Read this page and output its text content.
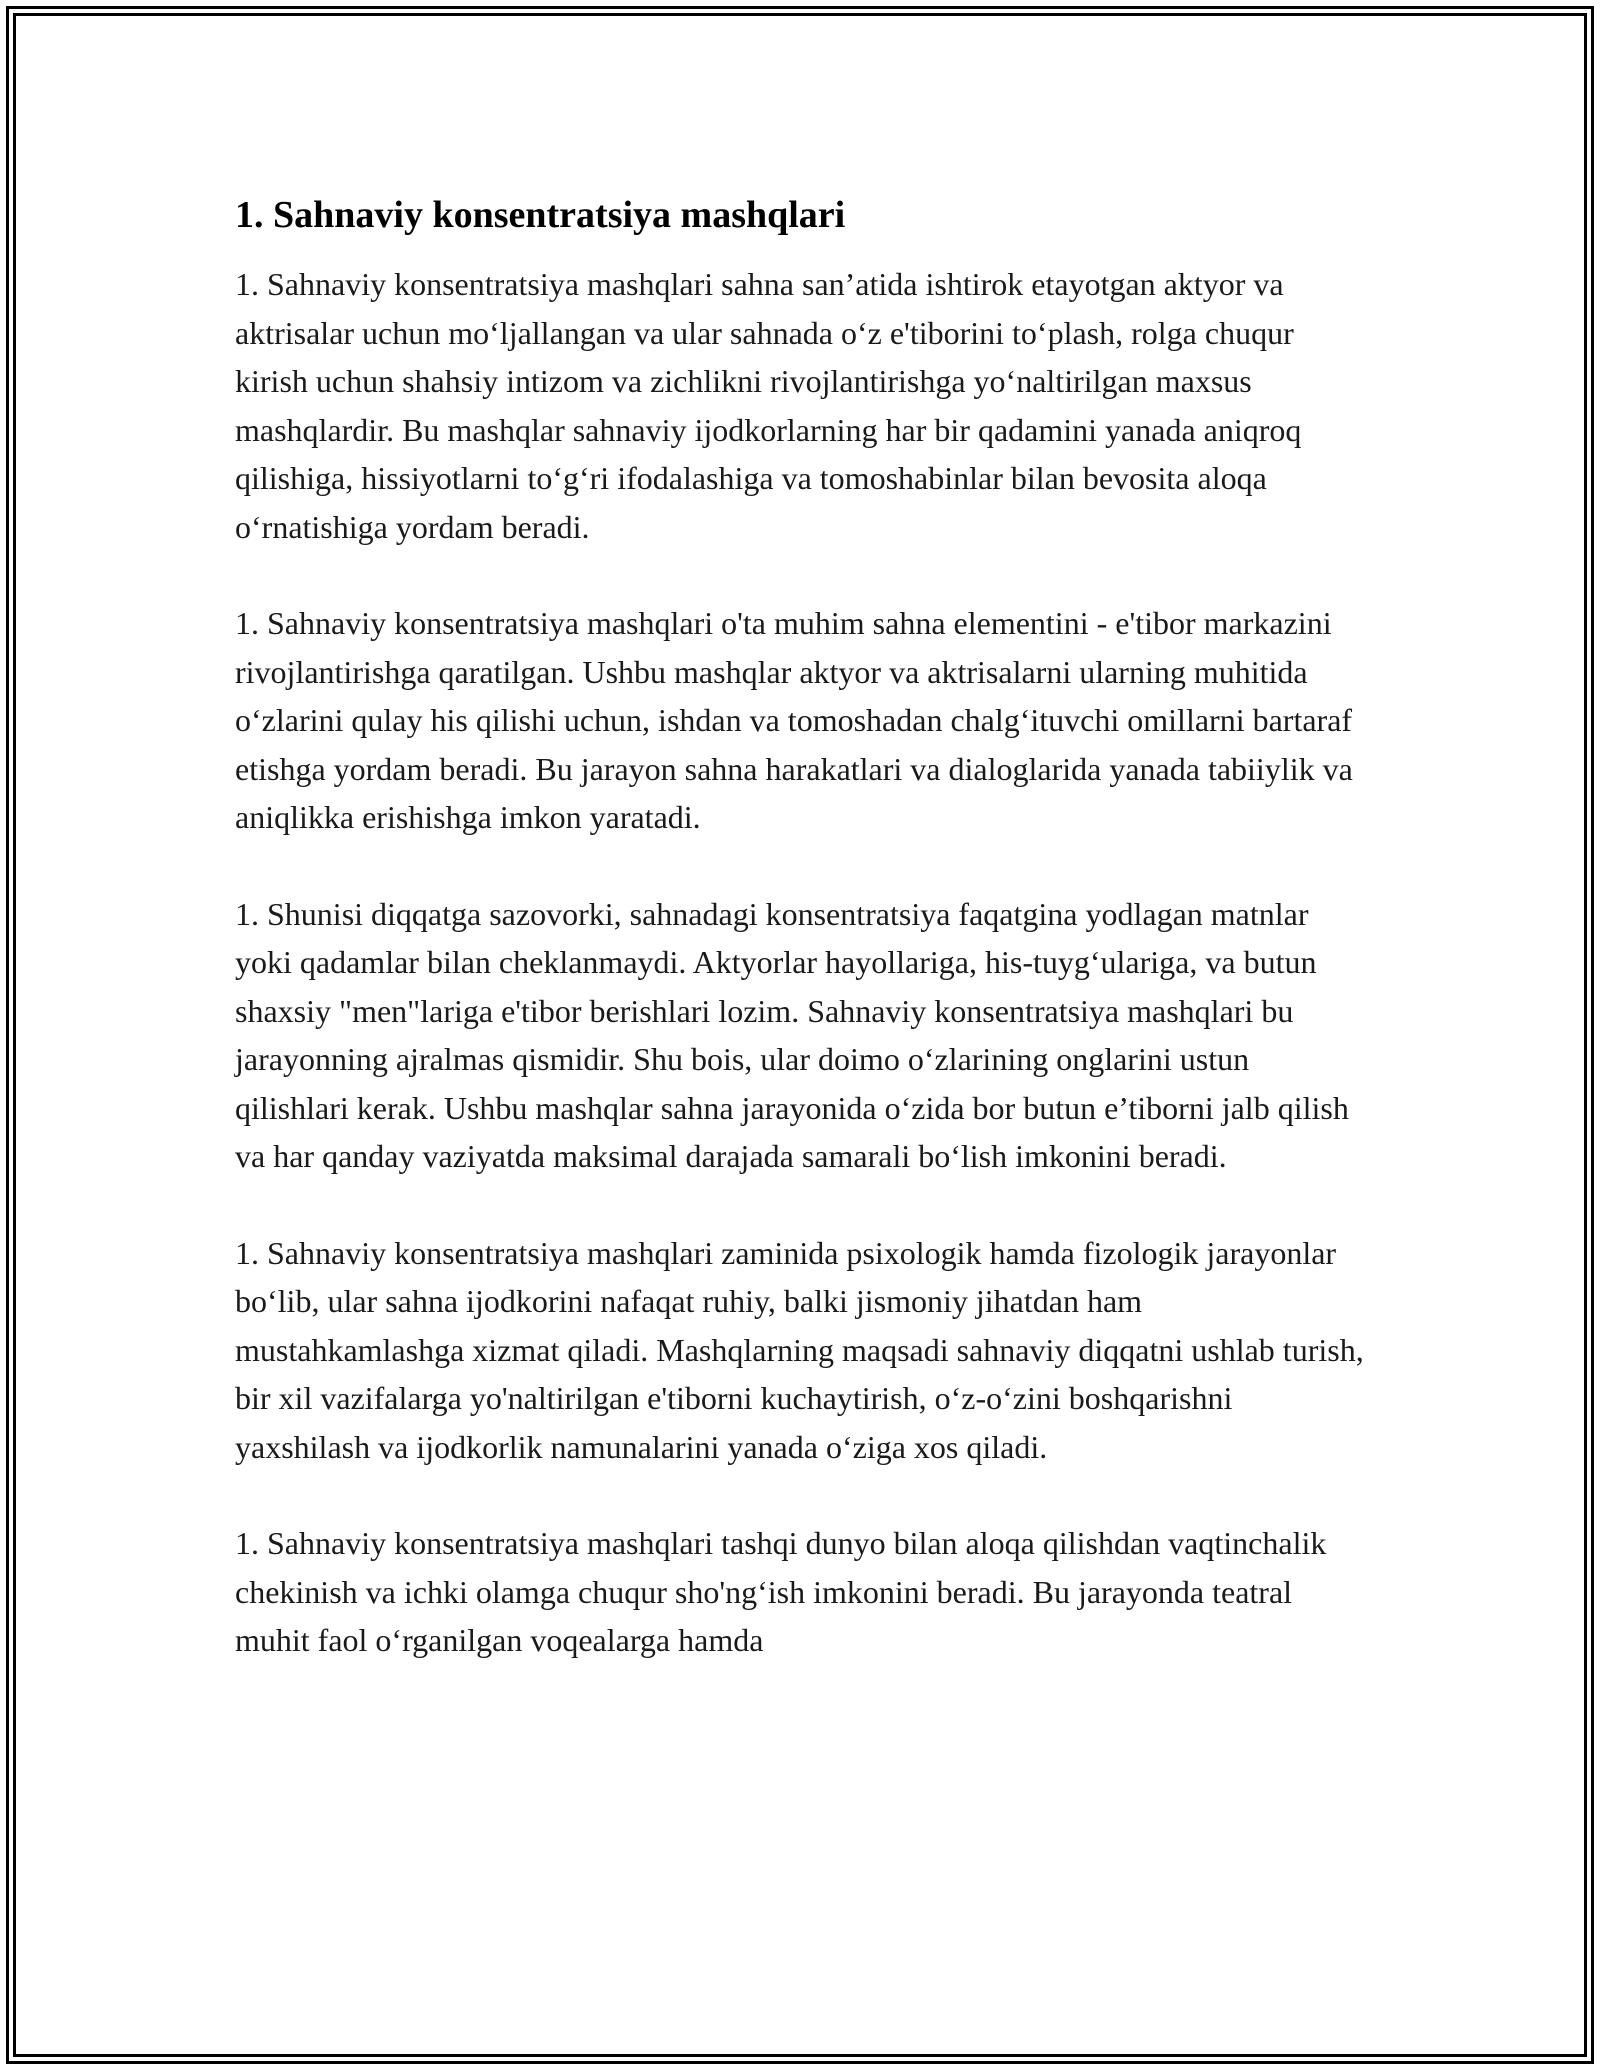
1. Sahnaviy konsentratsiya mashqlari

1. Sahnaviy konsentratsiya mashqlari sahna san’atida ishtirok etayotgan aktyor va aktrisalar uchun moʻljallangan va ular sahnada oʻz e'tiborini toʻplash, rolga chuqur kirish uchun shahsiy intizom va zichlikni rivojlantirishga yoʻnaltirilgan maxsus mashqlardir. Bu mashqlar sahnaviy ijodkorlarning har bir qadamini yanada aniqroq qilishiga, hissiyotlarni toʻgʻri ifodalashiga va tomoshabinlar bilan bevosita aloqa oʻrnatishiga yordam beradi.

1. Sahnaviy konsentratsiya mashqlari o'ta muhim sahna elementini - e'tibor markazini rivojlantirishga qaratilgan. Ushbu mashqlar aktyor va aktrisalarni ularning muhitida oʻzlarini qulay his qilishi uchun, ishdan va tomoshadan chalgʻituvchi omillarni bartaraf etishga yordam beradi. Bu jarayon sahna harakatlari va dialoglarida yanada tabiiylik va aniqlikka erishishga imkon yaratadi.

1. Shunisi diqqatga sazovorki, sahnadagi konsentratsiya faqatgina yodlagan matnlar yoki qadamlar bilan cheklanmaydi. Aktyorlar hayollariga, his-tuygʻulariga, va butun shaxsiy "men"lariga e'tibor berishlari lozim. Sahnaviy konsentratsiya mashqlari bu jarayonning ajralmas qismidir. Shu bois, ular doimo oʻzlarining onglarini ustun qilishlari kerak. Ushbu mashqlar sahna jarayonida oʻzida bor butun e’tiborni jalb qilish va har qanday vaziyatda maksimal darajada samarali boʻlish imkonini beradi.

1. Sahnaviy konsentratsiya mashqlari zaminida psixologik hamda fizologik jarayonlar boʻlib, ular sahna ijodkorini nafaqat ruhiy, balki jismoniy jihatdan ham mustahkamlashga xizmat qiladi. Mashqlarning maqsadi sahnaviy diqqatni ushlab turish, bir xil vazifalarga yo'naltirilgan e'tiborni kuchaytirish, oʻz-oʻzini boshqarishni yaxshilash va ijodkorlik namunalarini yanada oʻziga xos qiladi.

1. Sahnaviy konsentratsiya mashqlari tashqi dunyo bilan aloqa qilishdan vaqtinchalik chekinish va ichki olamga chuqur sho'ngʻish imkonini beradi. Bu jarayonda teatral muhit faol oʻrganilgan voqealarga hamda
